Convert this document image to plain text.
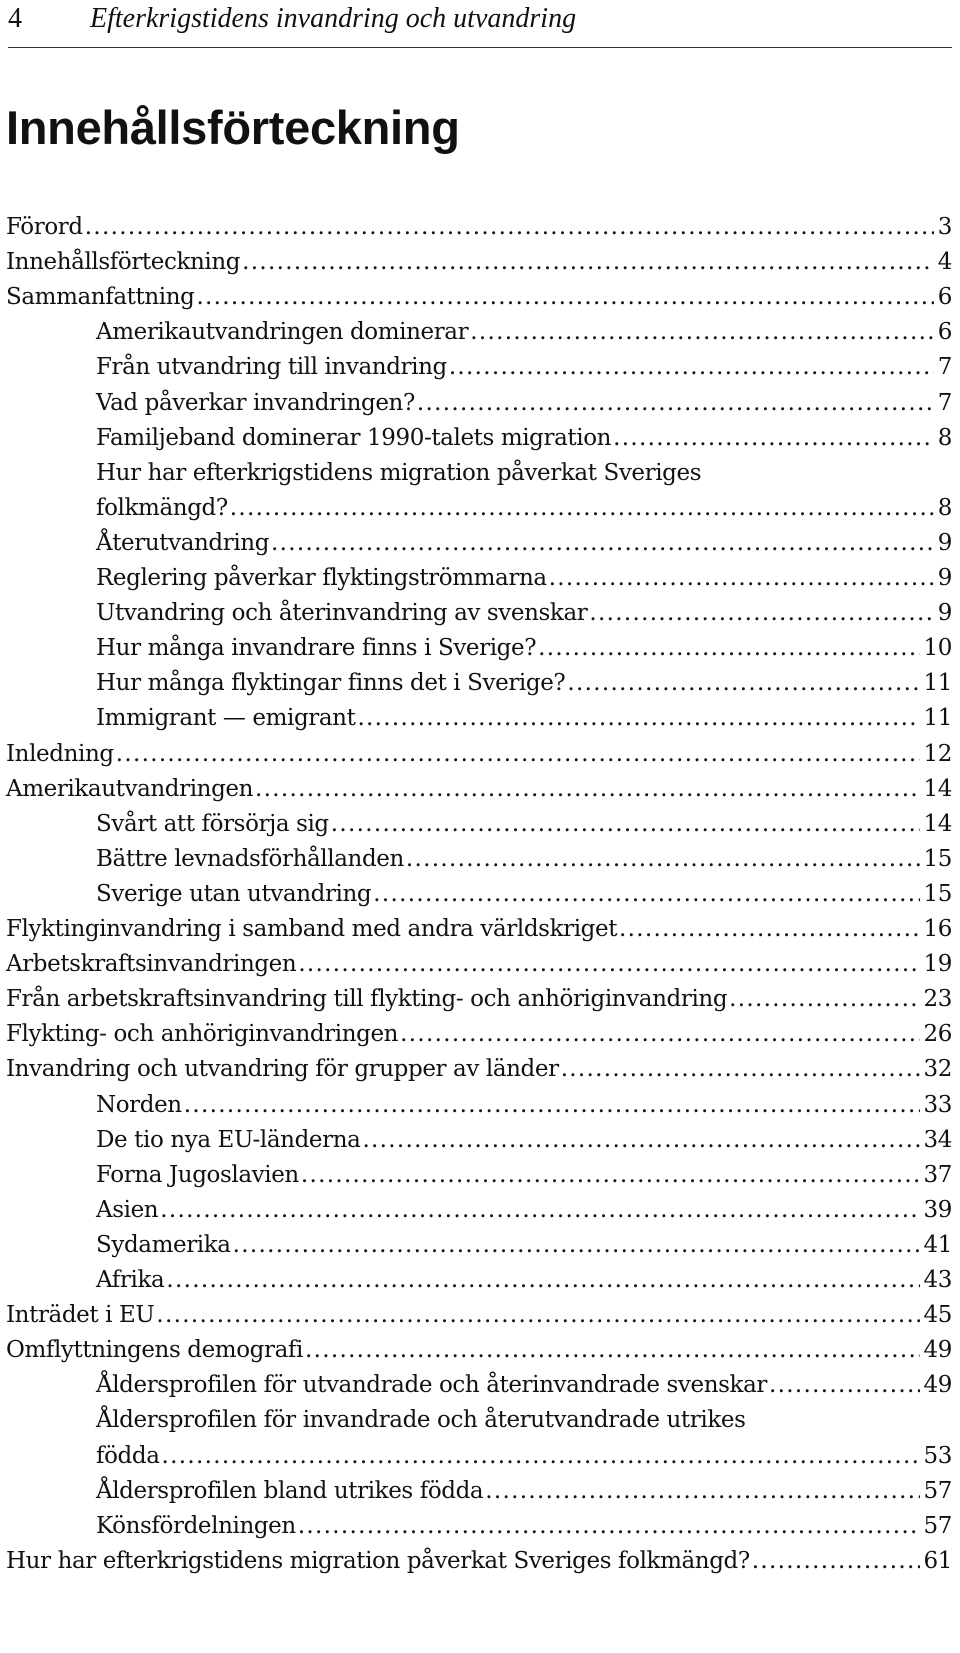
4 Efterkrigstidens invandring och utvandring
Innehållsförteckning
Förord . . .	3
Innehållsförteckning . . .	4
Sammanfattning . . .	6
Amerikautvandringen dominerar . . .	6
Från utvandring till invandring . . .	7
Vad påverkar invandringen? . . .	7
Familjeband dominerar 1990-talets migration . . .	8
Hur har efterkrigstidens migration påverkat Sveriges
folkmängd? . . .	8
Återutvandring . . .	9
Reglering påverkar flyktingströmmarna . . .	9
Utvandring och återinvandring av svenskar . . .	9
Hur många invandrare finns i Sverige? . . .	10
Hur många flyktingar finns det i Sverige? . . .	11
Immigrant — emigrant . . .	11
Inledning . . .	12
Amerikautvandringen . . .	14
Svårt att försörja sig . . .	14
Bättre levnadsförhållanden . . .	15
Sverige utan utvandring . . .	15
Flyktinginvandring i samband med andra världskriget . . .	16
Arbetskraftsinvandringen . . .	19
Från arbetskraftsinvandring till flykting- och anhöriginvandring . . .	23
Flykting- och anhöriginvandringen . . .	26
Invandring och utvandring för grupper av länder . . .	32
Norden . . .	33
De tio nya EU-länderna . . .	34
Forna Jugoslavien . . .	37
Asien . . .	39
Sydamerika . . .	41
Afrika . . .	43
Inträdet i EU . . .	45
Omflyttningens demografi . . .	49
Åldersprofilen för utvandrade och återinvandrade svenskar . . .	49
Åldersprofilen för invandrade och återutvandrade utrikes
födda . . .	53
Åldersprofilen bland utrikes födda . . .	57
Könsfördelningen . . .	57
Hur har efterkrigstidens migration påverkat Sveriges folkmängd? . . .	61
